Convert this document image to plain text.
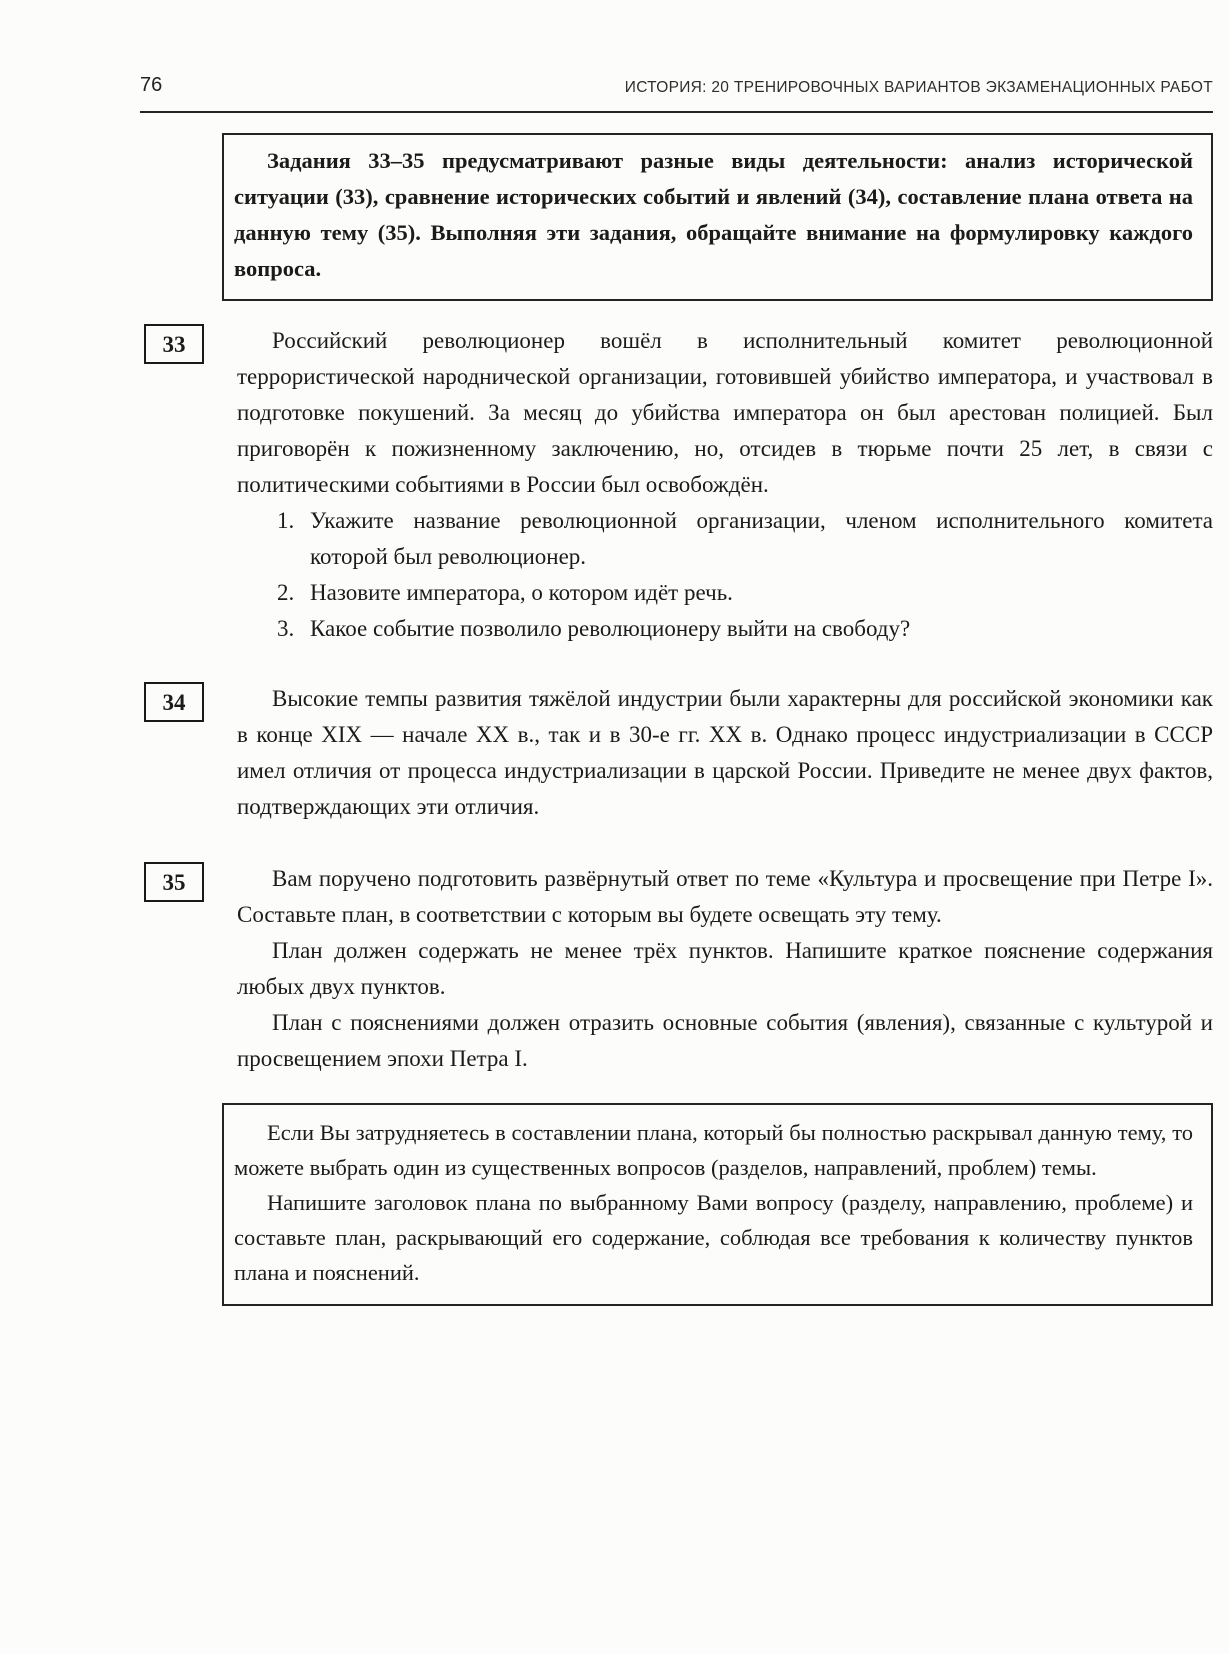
76	ИСТОРИЯ: 20 ТРЕНИРОВОЧНЫХ ВАРИАНТОВ ЭКЗАМЕНАЦИОННЫХ РАБОТ

Задания 33–35 предусматривают разные виды деятельности: анализ исторической ситуации (33), сравнение исторических событий и явлений (34), составление плана ответа на данную тему (35). Выполняя эти задания, обращайте внимание на формулировку каждого вопроса.

33	Российский революционер вошёл в исполнительный комитет революционной террористической народнической организации, готовившей убийство императора, и участвовал в подготовке покушений. За месяц до убийства императора он был арестован полицией. Был приговорён к пожизненному заключению, но, отсидев в тюрьме почти 25 лет, в связи с политическими событиями в России был освобождён.

1. Укажите название революционной организации, членом исполнительного комитета которой был революционер.
2. Назовите императора, о котором идёт речь.
3. Какое событие позволило революционеру выйти на свободу?
34	Высокие темпы развития тяжёлой индустрии были характерны для российской экономики как в конце XIX — начале XX в., так и в 30-е гг. XX в. Однако процесс индустриализации в СССР имел отличия от процесса индустриализации в царской России. Приведите не менее двух фактов, подтверждающих эти отличия.

35	Вам поручено подготовить развёрнутый ответ по теме «Культура и просвещение при Петре I». Составьте план, в соответствии с которым вы будете освещать эту тему.

План должен содержать не менее трёх пунктов. Напишите краткое пояснение содержания любых двух пунктов.

План с пояснениями должен отразить основные события (явления), связанные с культурой и просвещением эпохи Петра I.

Если Вы затрудняетесь в составлении плана, который бы полностью раскрывал данную тему, то можете выбрать один из существенных вопросов (разделов, направлений, проблем) темы.

Напишите заголовок плана по выбранному Вами вопросу (разделу, направлению, проблеме) и составьте план, раскрывающий его содержание, соблюдая все требования к количеству пунктов плана и пояснений.
